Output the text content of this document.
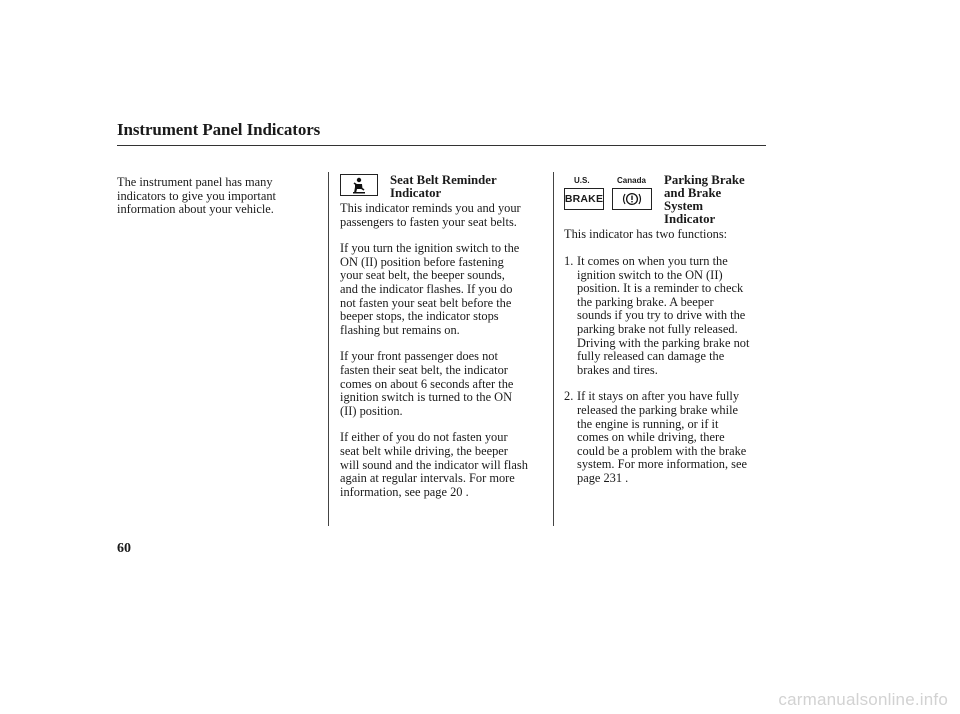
Instrument Panel Indicators
The instrument panel has many
indicators to give you important
information about your vehicle.
Seat Belt Reminder
Indicator
This indicator reminds you and your
passengers to fasten your seat belts.
If you turn the ignition switch to the
ON (II) position before fastening
your seat belt, the beeper sounds,
and the indicator flashes. If you do
not fasten your seat belt before the
beeper stops, the indicator stops
flashing but remains on.
If your front passenger does not
fasten their seat belt, the indicator
comes on about 6 seconds after the
ignition switch is turned to the ON
(II) position.
If either of you do not fasten your
seat belt while driving, the beeper
will sound and the indicator will flash
again at regular intervals. For more
information, see page 20 .
U.S.	Canada
BRAKE
Parking Brake
and Brake
System
Indicator
This indicator has two functions:
1. It comes on when you turn the
ignition switch to the ON (II)
position. It is a reminder to check
the parking brake. A beeper
sounds if you try to drive with the
parking brake not fully released.
Driving with the parking brake not
fully released can damage the
brakes and tires.
2. If it stays on after you have fully
released the parking brake while
the engine is running, or if it
comes on while driving, there
could be a problem with the brake
system. For more information, see
page 231 .
60
carmanualsonline.info
